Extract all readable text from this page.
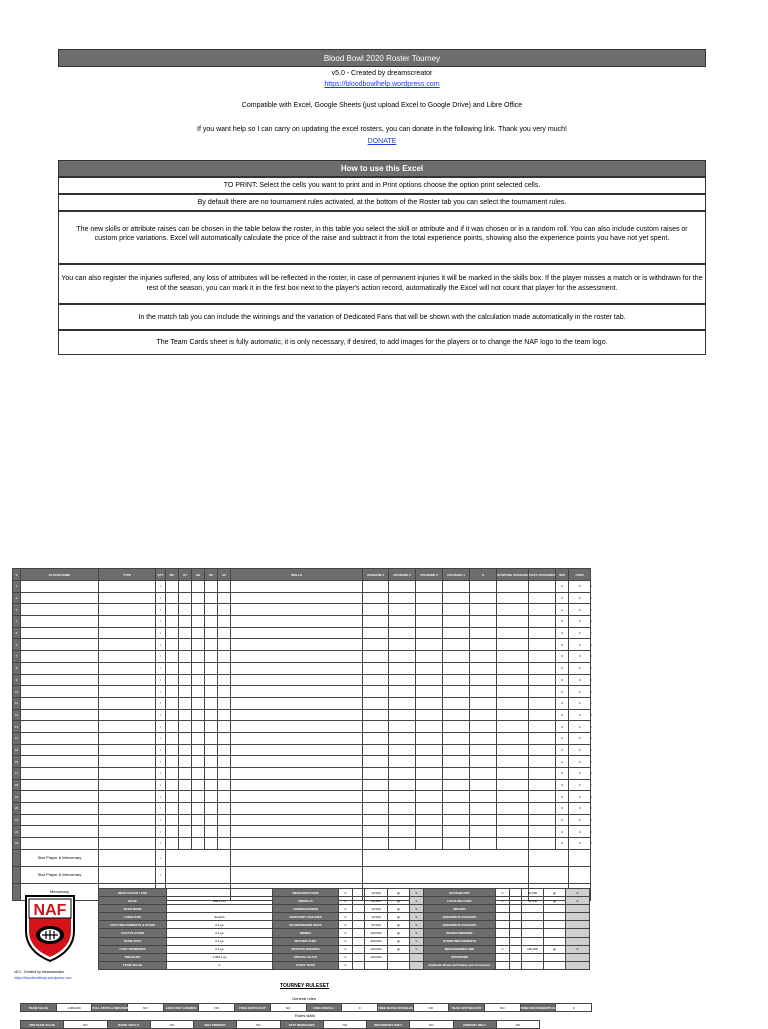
Blood Bowl 2020 Roster Tourney
v5.0 - Created by dreamscreator
https://bloodbowlhelp.wordpress.com
Compatible with Excel, Google Sheets (just upload Excel to Google Drive) and Libre Office
If you want help so I can carry on updating the excel rosters, you can donate in the following link. Thank you very much!
DONATE
How to use this Excel
TO PRINT: Select the cells you want to print and in Print options choose the option print selected cells.
By default there are no tournament rules activated, at the bottom of the Roster tab you can select the tournament rules.
The new skills or attribute raises can be chosen in the table below the roster, in this table you select the skill or attribute and if it was chosen or in a random roll. You can also include custom raises or custom price variations. Excel will automatically calculate the price of the raise and subtract it from the total experience points, showing also the experience points you have not yet spent.
You can also register the injuries suffered, any loss of attributes will be reflected in the roster, in case of permanent injuries it will be marked in the skills box. If the player misses a match or is withdrawn for the rest of the season, you can mark it in the first box next to the player's action record, automatically the Excel will not count that player for the assessment.
In the match tab you can include the winnings and the variation of Dedicated Fans that will be shown with the calculation made automatically in the roster tab.
The Team Cards sheet is fully automatic, it is only necessary, if desired, to add images for the players or to change the NAF logo to the team logo.
#	PLAYER NAME	TYPE	QTY	MA	ST	AG	PA	AV	SKILLS	UPGRADE 1	UPGRADE 2	UPGRADE 3	UPGRADE 4	X	STARTING UPGRADE	COST UPGRADES	SPP	COST	
1			/														0	0	/
2			/														0	0	/
3			/														0	0	/
4			/														0	0	/
5			/														0	0	/
6			/														0	0	/
7			/														0	0	/
8			/														0	0	/
9			/														0	0	/
10			/														0	0	/
11			/														0	0	/
12			/														0	0	/
13			/														0	0	/
14			/														0	0	/
15			/														0	0	/
16			/														0	0	/
17			/														0	0	/
18			/														0	0	/
19			/														0	0	/
20			/														0	0	/
21			/														0	0	/
22			/														0	0	/
23			/														0	0	/
	Star Player & Mercenary		/																
	Star Player & Mercenary		/																
	Mercenary							
NAF
HEAD COACH / AGE		DEDICATED FANS	0		10,000	gp	0	APOTHECARY	0		50,000	gp	0
RACE	Black Orc	REROLLS	0		60,000	gp	0	HALFLING CHEF	0		50,000	gp	0
TEAM NAME		CHEERLEADERS	0		10,000	gp	0	WIZARD					
LANGUAGE	English	ASSISTANT COACHES	0		10,000	gp	0	(IN)FAMOUS COACHES					
COST INDUCEMENTS & STARS	0 k gp	BLOODWEISER KEGS	0		50,000	gp	0	(IN)FAMOUS COACHES					
COST PLAYERS	0 k gp	BRIBES	0		100,000	gp	0	BIASED REFEREE					
TEAM COST	0 k gp	MASTER CHEF	0		300,000	gp	0	OTHER INDUCEMENTS					
COST SPONSORS	0 k gp	RIOTOUS ROOKIES	0		100,000	gp	0	MERCENARIES AND	0		100,000	gp	0
TREASURY	1,000 k gp	SPECIAL PLAYS	0		100,000			SPONSORS					
TEAM VALUE	0	STAFF TEAM	0					Badlands Brawl and Infamy and Corruption					
v5.0 - Created by dreamscreator
https://bloodbowlhelp.wordpress.com
TOURNEY RULESET
General rules
TEAM VALUE	1,000,000	FULL STATS & INDUCEMENTS	NO	LOW COST LINEMEN	NO	FREE MATCH SUP	NO	FREE REROLL	0	FREE MATCH DOUBLES	NO	TEAM APOTHECARY	NO	FREE INDUCEMENTS GOLD	0
Rules skills
MIN TEAM VALUE	NO	RAND. SKILLS	NO	MAX PRIMARY	NO	STAT INCREASES	NO	SECONDARY ONLY	NO	PRIMARY ONLY	NO
